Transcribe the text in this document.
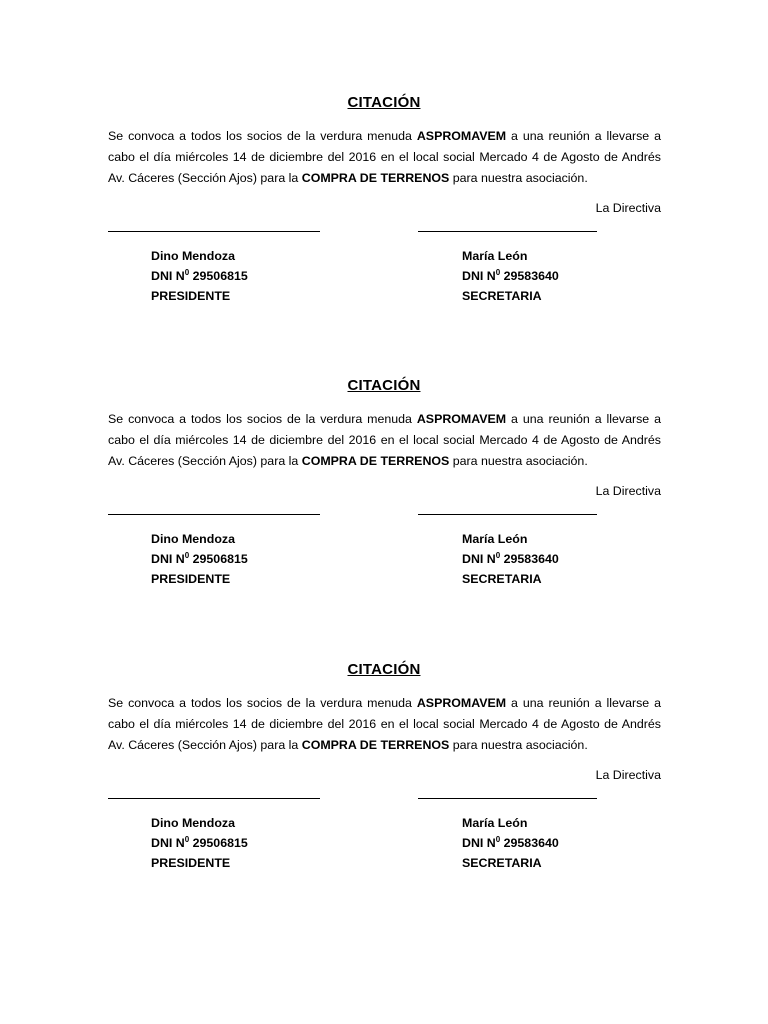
CITACIÓN
Se convoca a todos los socios de la verdura menuda ASPROMAVEM a una reunión a llevarse a cabo el día miércoles 14 de diciembre del 2016 en el local social Mercado 4 de Agosto de Andrés Av. Cáceres (Sección Ajos) para la COMPRA DE TERRENOS para nuestra asociación.
La Directiva
Dino Mendoza
DNI $N^0$ 29506815
PRESIDENTE
María León
DNI $N^0$ 29583640
SECRETARIA
CITACIÓN
Se convoca a todos los socios de la verdura menuda ASPROMAVEM a una reunión a llevarse a cabo el día miércoles 14 de diciembre del 2016 en el local social Mercado 4 de Agosto de Andrés Av. Cáceres (Sección Ajos) para la COMPRA DE TERRENOS para nuestra asociación.
La Directiva
Dino Mendoza
DNI $N^0$ 29506815
PRESIDENTE
María León
DNI $N^0$ 29583640
SECRETARIA
CITACIÓN
Se convoca a todos los socios de la verdura menuda ASPROMAVEM a una reunión a llevarse a cabo el día miércoles 14 de diciembre del 2016 en el local social Mercado 4 de Agosto de Andrés Av. Cáceres (Sección Ajos) para la COMPRA DE TERRENOS para nuestra asociación.
La Directiva
Dino Mendoza
DNI $N^0$ 29506815
PRESIDENTE
María León
DNI $N^0$ 29583640
SECRETARIA
